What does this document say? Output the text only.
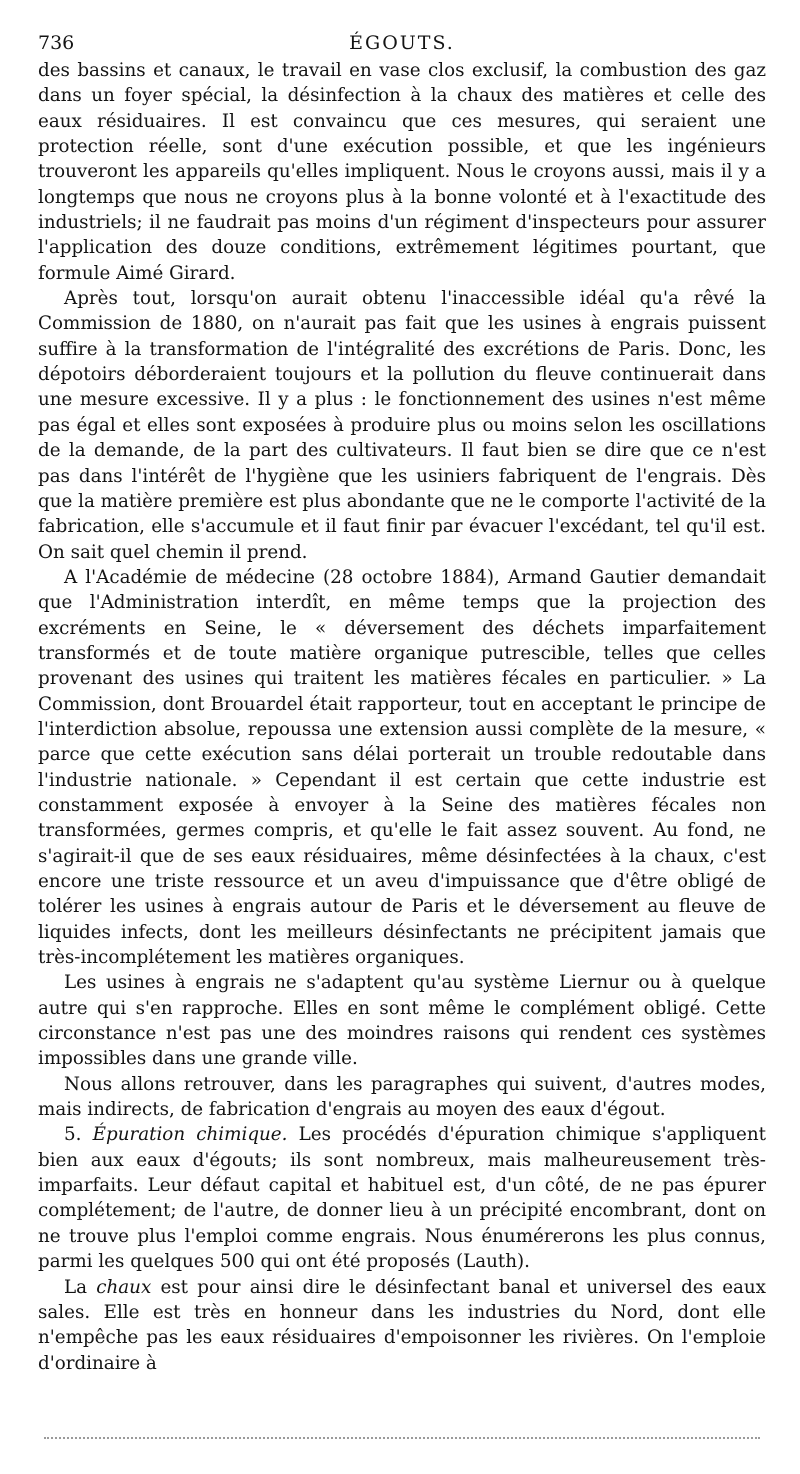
736	ÉGOUTS.

des bassins et canaux, le travail en vase clos exclusif, la combustion des gaz dans un foyer spécial, la désinfection à la chaux des matières et celle des eaux résiduaires. Il est convaincu que ces mesures, qui seraient une protection réelle, sont d'une exécution possible, et que les ingénieurs trouveront les appareils qu'elles impliquent. Nous le croyons aussi, mais il y a longtemps que nous ne croyons plus à la bonne volonté et à l'exactitude des industriels; il ne faudrait pas moins d'un régiment d'inspecteurs pour assurer l'application des douze conditions, extrêmement légitimes pourtant, que formule Aimé Girard.

Après tout, lorsqu'on aurait obtenu l'inaccessible idéal qu'a rêvé la Commission de 1880, on n'aurait pas fait que les usines à engrais puissent suffire à la transformation de l'intégralité des excrétions de Paris. Donc, les dépotoirs déborderaient toujours et la pollution du fleuve continuerait dans une mesure excessive. Il y a plus : le fonctionnement des usines n'est même pas égal et elles sont exposées à produire plus ou moins selon les oscillations de la demande, de la part des cultivateurs. Il faut bien se dire que ce n'est pas dans l'intérêt de l'hygiène que les usiniers fabriquent de l'engrais. Dès que la matière première est plus abondante que ne le comporte l'activité de la fabrication, elle s'accumule et il faut finir par évacuer l'excédant, tel qu'il est. On sait quel chemin il prend.

A l'Académie de médecine (28 octobre 1884), Armand Gautier demandait que l'Administration interdît, en même temps que la projection des excréments en Seine, le « déversement des déchets imparfaitement transformés et de toute matière organique putrescible, telles que celles provenant des usines qui traitent les matières fécales en particulier. » La Commission, dont Brouardel était rapporteur, tout en acceptant le principe de l'interdiction absolue, repoussa une extension aussi complète de la mesure, « parce que cette exécution sans délai porterait un trouble redoutable dans l'industrie nationale. » Cependant il est certain que cette industrie est constamment exposée à envoyer à la Seine des matières fécales non transformées, germes compris, et qu'elle le fait assez souvent. Au fond, ne s'agirait-il que de ses eaux résiduaires, même désinfectées à la chaux, c'est encore une triste ressource et un aveu d'impuissance que d'être obligé de tolérer les usines à engrais autour de Paris et le déversement au fleuve de liquides infects, dont les meilleurs désinfectants ne précipitent jamais que très-incomplétement les matières organiques.

Les usines à engrais ne s'adaptent qu'au système Liernur ou à quelque autre qui s'en rapproche. Elles en sont même le complément obligé. Cette circonstance n'est pas une des moindres raisons qui rendent ces systèmes impossibles dans une grande ville.

Nous allons retrouver, dans les paragraphes qui suivent, d'autres modes, mais indirects, de fabrication d'engrais au moyen des eaux d'égout.

5. Épuration chimique. Les procédés d'épuration chimique s'appliquent bien aux eaux d'égouts; ils sont nombreux, mais malheureusement très-imparfaits. Leur défaut capital et habituel est, d'un côté, de ne pas épurer complétement; de l'autre, de donner lieu à un précipité encombrant, dont on ne trouve plus l'emploi comme engrais. Nous énumérerons les plus connus, parmi les quelques 500 qui ont été proposés (Lauth).

La chaux est pour ainsi dire le désinfectant banal et universel des eaux sales. Elle est très en honneur dans les industries du Nord, dont elle n'empêche pas les eaux résiduaires d'empoisonner les rivières. On l'emploie d'ordinaire à
